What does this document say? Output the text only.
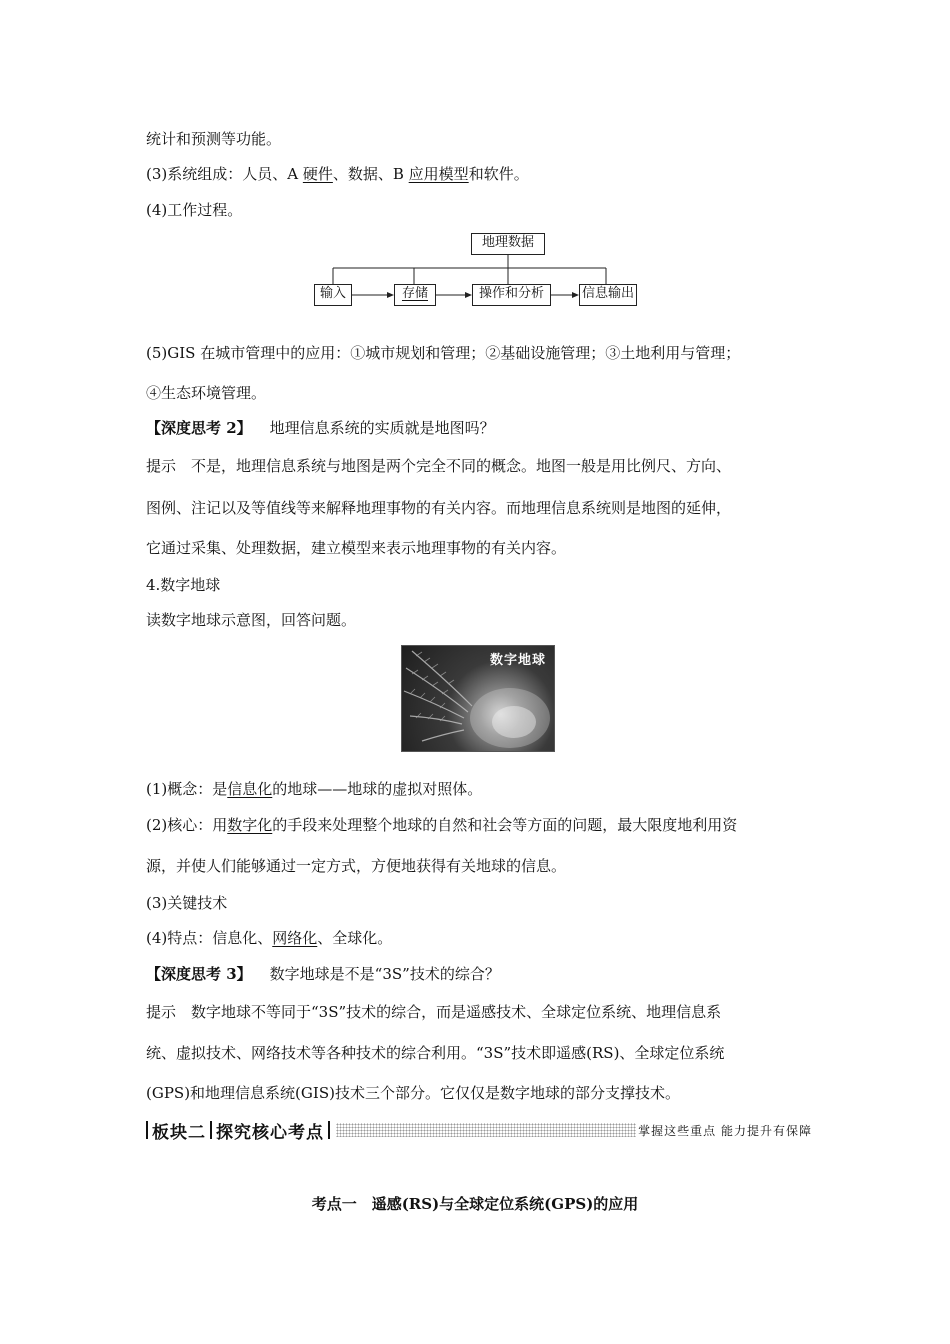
统计和预测等功能。
(3)系统组成：人员、A 硬件、数据、B 应用模型和软件。
(4)工作过程。
地理数据
输入	存储	操作和分析	信息输出
(5)GIS 在城市管理中的应用：①城市规划和管理；②基础设施管理；③土地利用与管理；
④生态环境管理。
【深度思考 2】 地理信息系统的实质就是地图吗？
提示　不是，地理信息系统与地图是两个完全不同的概念。地图一般是用比例尺、方向、
图例、注记以及等值线等来解释地理事物的有关内容。而地理信息系统则是地图的延伸，
它通过采集、处理数据，建立模型来表示地理事物的有关内容。
4.数字地球
读数字地球示意图，回答问题。
数字地球
(1)概念：是信息化的地球——地球的虚拟对照体。
(2)核心：用数字化的手段来处理整个地球的自然和社会等方面的问题，最大限度地利用资
源，并使人们能够通过一定方式，方便地获得有关地球的信息。
(3)关键技术
(4)特点：信息化、网络化、全球化。
【深度思考 3】 数字地球是不是“3S”技术的综合？
提示　数字地球不等同于“3S”技术的综合，而是遥感技术、全球定位系统、地理信息系
统、虚拟技术、网络技术等各种技术的综合利用。“3S”技术即遥感(RS)、全球定位系统
(GPS)和地理信息系统(GIS)技术三个部分。它仅仅是数字地球的部分支撑技术。
板块二 探究核心考点	掌握这些重点 能力提升有保障
考点一　遥感(RS)与全球定位系统(GPS)的应用
